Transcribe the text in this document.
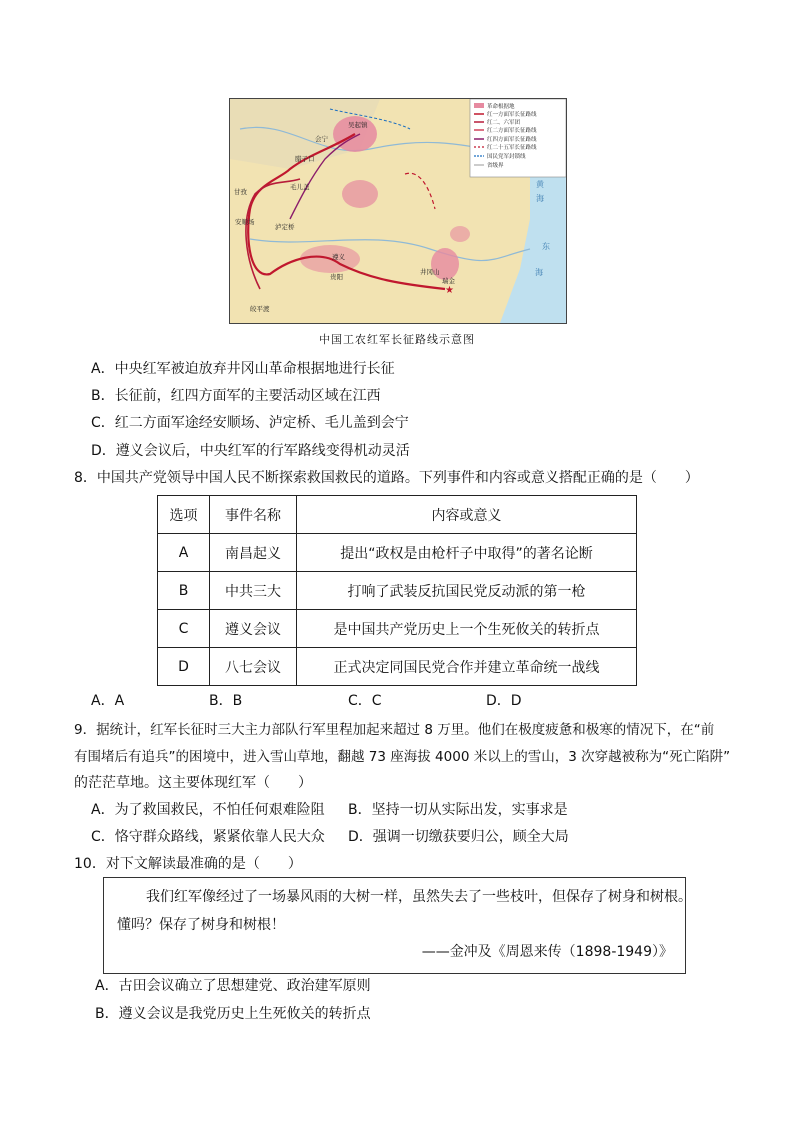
革命根据地
红一方面军长征路线
红二、六军团
红二方面军长征路线
红四方面军长征路线
红二十五军长征路线
国民党军封锁线
省级界
吴起镇
会宁
腊子口
毛儿盖
甘孜
泸定桥
安顺场
遵义
贵阳
井冈山
瑞金
皎平渡
黄
海
东
海
★
中国工农红军长征路线示意图
A．中央红军被迫放弃井冈山革命根据地进行长征
B．长征前，红四方面军的主要活动区域在江西
C．红二方面军途经安顺场、泸定桥、毛儿盖到会宁
D．遵义会议后，中央红军的行军路线变得机动灵活
8．中国共产党领导中国人民不断探索救国救民的道路。下列事件和内容或意义搭配正确的是（　　）
选项	事件名称	内容或意义
A	南昌起义	提出“政权是由枪杆子中取得”的著名论断
B	中共三大	打响了武装反抗国民党反动派的第一枪
C	遵义会议	是中国共产党历史上一个生死攸关的转折点
D	八七会议	正式决定同国民党合作并建立革命统一战线
A．A	B．B	C．C	D．D
9．据统计，红军长征时三大主力部队行军里程加起来超过 8 万里。他们在极度疲惫和极寒的情况下，在“前
有围堵后有追兵”的困境中，进入雪山草地，翻越 73 座海拔 4000 米以上的雪山，3 次穿越被称为“死亡陷阱”
的茫茫草地。这主要体现红军（　　）
A．为了救国救民，不怕任何艰难险阻 B．坚持一切从实际出发，实事求是
C．恪守群众路线，紧紧依靠人民大众 D．强调一切缴获要归公，顾全大局
10．对下文解读最准确的是（　　）
我们红军像经过了一场暴风雨的大树一样，虽然失去了一些枝叶，但保存了树身和树根。
懂吗？保存了树身和树根！
——金冲及《周恩来传（1898-1949）》
A．古田会议确立了思想建党、政治建军原则
B．遵义会议是我党历史上生死攸关的转折点
